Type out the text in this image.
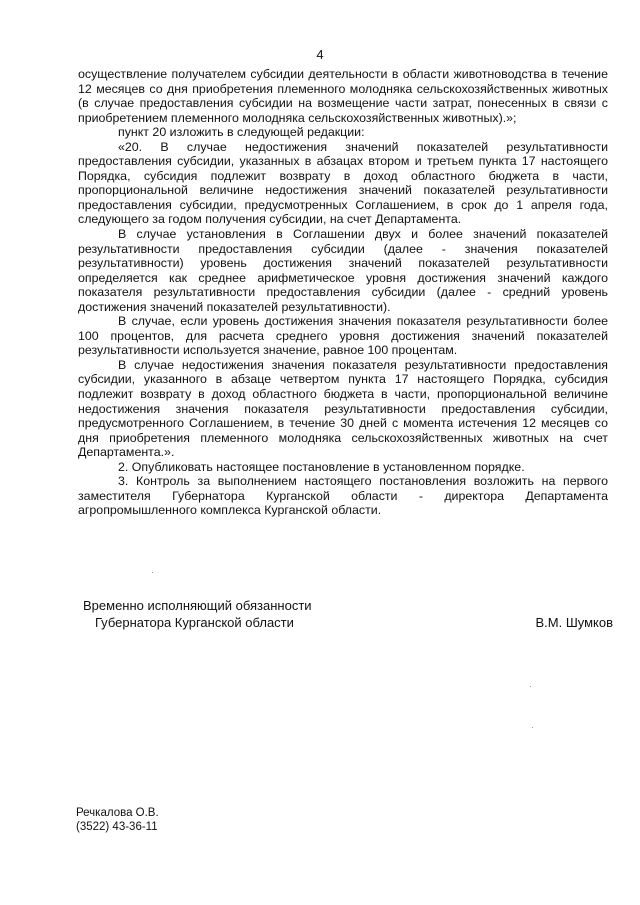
4

осуществление получателем субсидии деятельности в области животноводства в течение 12 месяцев со дня приобретения племенного молодняка сельскохозяйственных животных (в случае предоставления субсидии на возмещение части затрат, понесенных в связи с приобретением племенного молодняка сельскохозяйственных животных).»;

пункт 20 изложить в следующей редакции:

«20. В случае недостижения значений показателей результативности предоставления субсидии, указанных в абзацах втором и третьем пункта 17 настоящего Порядка, субсидия подлежит возврату в доход областного бюджета в части, пропорциональной величине недостижения значений показателей результативности предоставления субсидии, предусмотренных Соглашением, в срок до 1 апреля года, следующего за годом получения субсидии, на счет Департамента.

В случае установления в Соглашении двух и более значений показателей результативности предоставления субсидии (далее - значения показателей результативности) уровень достижения значений показателей результативности определяется как среднее арифметическое уровня достижения значений каждого показателя результативности предоставления субсидии (далее - средний уровень достижения значений показателей результативности).

В случае, если уровень достижения значения показателя результативности более 100 процентов, для расчета среднего уровня достижения значений показателей результативности используется значение, равное 100 процентам.

В случае недостижения значения показателя результативности предоставления субсидии, указанного в абзаце четвертом пункта 17 настоящего Порядка, субсидия подлежит возврату в доход областного бюджета в части, пропорциональной величине недостижения значения показателя результативности предоставления субсидии, предусмотренного Соглашением, в течение 30 дней с момента истечения 12 месяцев со дня приобретения племенного молодняка сельскохозяйственных животных на счет Департамента.».

2. Опубликовать настоящее постановление в установленном порядке.

3. Контроль за выполнением настоящего постановления возложить на первого заместителя Губернатора Курганской области - директора Департамента агропромышленного комплекса Курганской области.

Временно исполняющий обязанности
Губернатора Курганской области	В.М. Шумков
Речкалова О.В.
(3522) 43-36-11
